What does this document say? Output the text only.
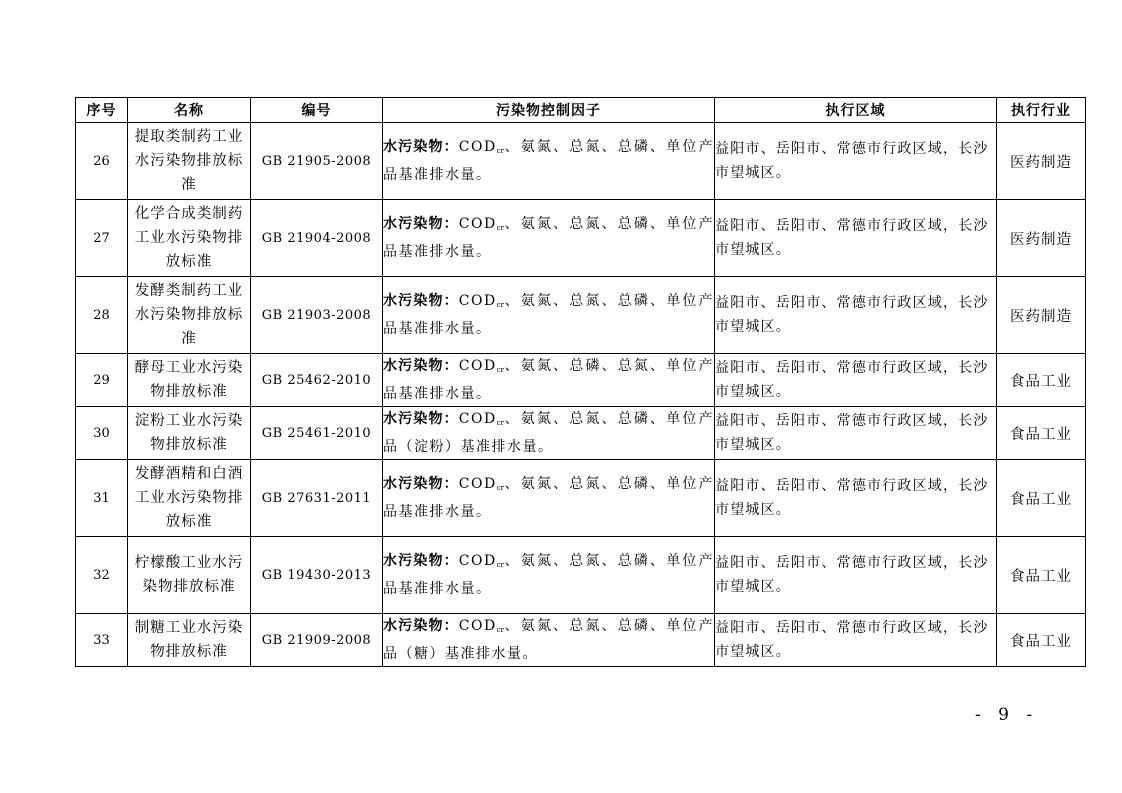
序号	名称	编号	污染物控制因子	执行区域	执行行业
26	提取类制药工业水污染物排放标准	GB 21905-2008	水污染物：$COD_{cr}$、氨氮、总氮、总磷、单位产品基准排水量。	益阳市、岳阳市、常德市行政区域，长沙市望城区。	医药制造
27	化学合成类制药工业水污染物排放标准	GB 21904-2008	水污染物：$COD_{cr}$、氨氮、总氮、总磷、单位产品基准排水量。	益阳市、岳阳市、常德市行政区域，长沙市望城区。	医药制造
28	发酵类制药工业水污染物排放标准	GB 21903-2008	水污染物：$COD_{cr}$、氨氮、总氮、总磷、单位产品基准排水量。	益阳市、岳阳市、常德市行政区域，长沙市望城区。	医药制造
29	酵母工业水污染物排放标准	GB 25462-2010	水污染物：$COD_{cr}$、氨氮、总磷、总氮、单位产品基准排水量。	益阳市、岳阳市、常德市行政区域，长沙市望城区。	食品工业
30	淀粉工业水污染物排放标准	GB 25461-2010	水污染物：$COD_{cr}$、氨氮、总氮、总磷、单位产品（淀粉）基准排水量。	益阳市、岳阳市、常德市行政区域，长沙市望城区。	食品工业
31	发酵酒精和白酒工业水污染物排放标准	GB 27631-2011	水污染物：$COD_{cr}$、氨氮、总氮、总磷、单位产品基准排水量。	益阳市、岳阳市、常德市行政区域，长沙市望城区。	食品工业
32	柠檬酸工业水污染物排放标准	GB 19430-2013	水污染物：$COD_{cr}$、氨氮、总氮、总磷、单位产品基准排水量。	益阳市、岳阳市、常德市行政区域，长沙市望城区。	食品工业
33	制糖工业水污染物排放标准	GB 21909-2008	水污染物：$COD_{cr}$、氨氮、总氮、总磷、单位产品（糖）基准排水量。	益阳市、岳阳市、常德市行政区域，长沙市望城区。	食品工业
- 9 -
